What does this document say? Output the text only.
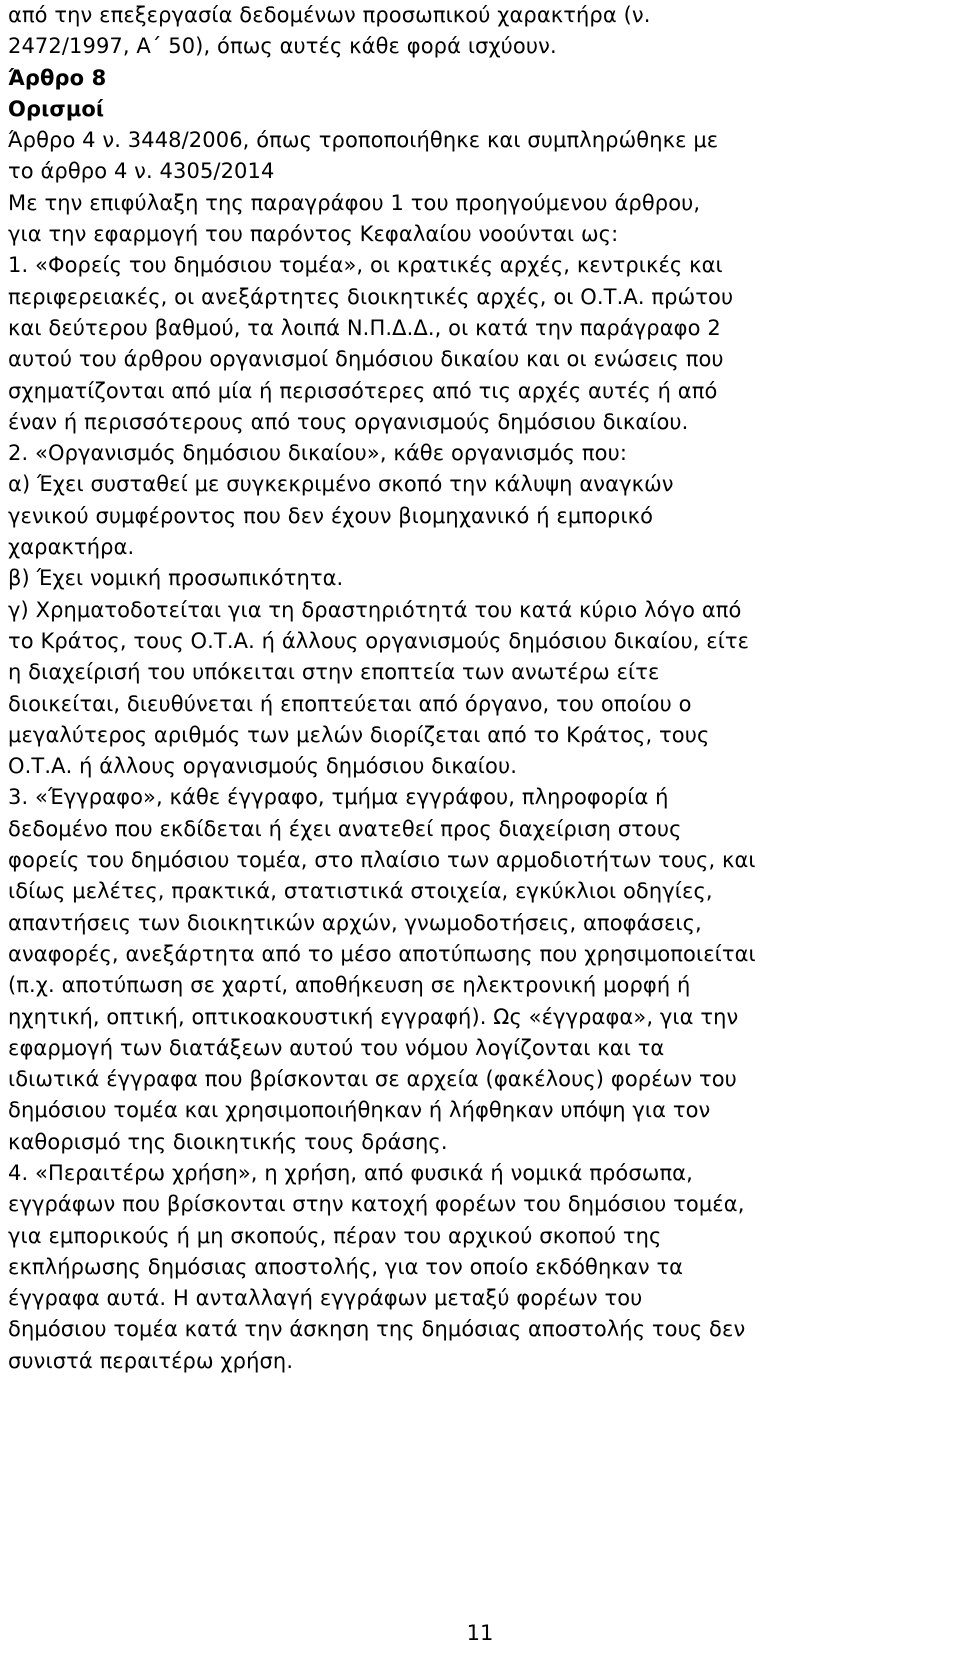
από την επεξεργασία δεδομένων προσωπικού χαρακτήρα (ν.
2472/1997, Α΄ 50), όπως αυτές κάθε φορά ισχύουν.
Άρθρο 8
Ορισμοί
Άρθρο 4 ν. 3448/2006, όπως τροποποιήθηκε και συμπληρώθηκε με
το άρθρο 4 ν. 4305/2014
Με την επιφύλαξη της παραγράφου 1 του προηγούμενου άρθρου,
για την εφαρμογή του παρόντος Κεφαλαίου νοούνται ως:
1. «Φορείς του δημόσιου τομέα», οι κρατικές αρχές, κεντρικές και
περιφερειακές, οι ανεξάρτητες διοικητικές αρχές, οι Ο.Τ.Α. πρώτου
και δεύτερου βαθμού, τα λοιπά Ν.Π.Δ.Δ., οι κατά την παράγραφο 2
αυτού του άρθρου οργανισμοί δημόσιου δικαίου και οι ενώσεις που
σχηματίζονται από μία ή περισσότερες από τις αρχές αυτές ή από
έναν ή περισσότερους από τους οργανισμούς δημόσιου δικαίου.
2. «Οργανισμός δημόσιου δικαίου», κάθε οργανισμός που:
α) Έχει συσταθεί με συγκεκριμένο σκοπό την κάλυψη αναγκών
γενικού συμφέροντος που δεν έχουν βιομηχανικό ή εμπορικό
χαρακτήρα.
β) Έχει νομική προσωπικότητα.
γ) Χρηματοδοτείται για τη δραστηριότητά του κατά κύριο λόγο από
το Κράτος, τους Ο.Τ.Α. ή άλλους οργανισμούς δημόσιου δικαίου, είτε
η διαχείρισή του υπόκειται στην εποπτεία των ανωτέρω είτε
διοικείται, διευθύνεται ή εποπτεύεται από όργανο, του οποίου ο
μεγαλύτερος αριθμός των μελών διορίζεται από το Κράτος, τους
Ο.Τ.Α. ή άλλους οργανισμούς δημόσιου δικαίου.
3. «Έγγραφο», κάθε έγγραφο, τμήμα εγγράφου, πληροφορία ή
δεδομένο που εκδίδεται ή έχει ανατεθεί προς διαχείριση στους
φορείς του δημόσιου τομέα, στο πλαίσιο των αρμοδιοτήτων τους, και
ιδίως μελέτες, πρακτικά, στατιστικά στοιχεία, εγκύκλιοι οδηγίες,
απαντήσεις των διοικητικών αρχών, γνωμοδοτήσεις, αποφάσεις,
αναφορές, ανεξάρτητα από το μέσο αποτύπωσης που χρησιμοποιείται
(π.χ. αποτύπωση σε χαρτί, αποθήκευση σε ηλεκτρονική μορφή ή
ηχητική, οπτική, οπτικοακουστική εγγραφή). Ως «έγγραφα», για την
εφαρμογή των διατάξεων αυτού του νόμου λογίζονται και τα
ιδιωτικά έγγραφα που βρίσκονται σε αρχεία (φακέλους) φορέων του
δημόσιου τομέα και χρησιμοποιήθηκαν ή λήφθηκαν υπόψη για τον
καθορισμό της διοικητικής τους δράσης.
4. «Περαιτέρω χρήση», η χρήση, από φυσικά ή νομικά πρόσωπα,
εγγράφων που βρίσκονται στην κατοχή φορέων του δημόσιου τομέα,
για εμπορικούς ή μη σκοπούς, πέραν του αρχικού σκοπού της
εκπλήρωσης δημόσιας αποστολής, για τον οποίο εκδόθηκαν τα
έγγραφα αυτά. Η ανταλλαγή εγγράφων μεταξύ φορέων του
δημόσιου τομέα κατά την άσκηση της δημόσιας αποστολής τους δεν
συνιστά περαιτέρω χρήση.
11
